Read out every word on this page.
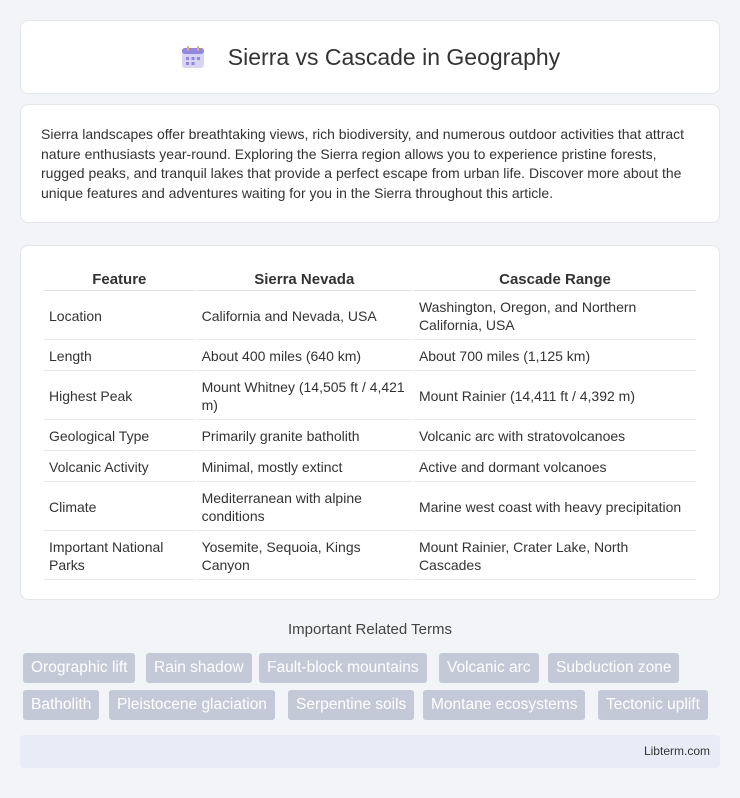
Sierra vs Cascade in Geography

Sierra landscapes offer breathtaking views, rich biodiversity, and numerous outdoor activities that attract nature enthusiasts year-round. Exploring the Sierra region allows you to experience pristine forests, rugged peaks, and tranquil lakes that provide a perfect escape from urban life. Discover more about the unique features and adventures waiting for you in the Sierra throughout this article.

Feature	Sierra Nevada	Cascade Range
Location	California and Nevada, USA	Washington, Oregon, and Northern California, USA
Length	About 400 miles (640 km)	About 700 miles (1,125 km)
Highest Peak	Mount Whitney (14,505 ft / 4,421 m)	Mount Rainier (14,411 ft / 4,392 m)
Geological Type	Primarily granite batholith	Volcanic arc with stratovolcanoes
Volcanic Activity	Minimal, mostly extinct	Active and dormant volcanoes
Climate	Mediterranean with alpine conditions	Marine west coast with heavy precipitation
Important National Parks	Yosemite, Sequoia, Kings Canyon	Mount Rainier, Crater Lake, North Cascades
Important Related Terms
Orographic lift	Rain shadow	Fault-block mountains	Volcanic arc	Subduction zone
Batholith	Pleistocene glaciation	Serpentine soils	Montane ecosystems	Tectonic uplift
Libterm.com
